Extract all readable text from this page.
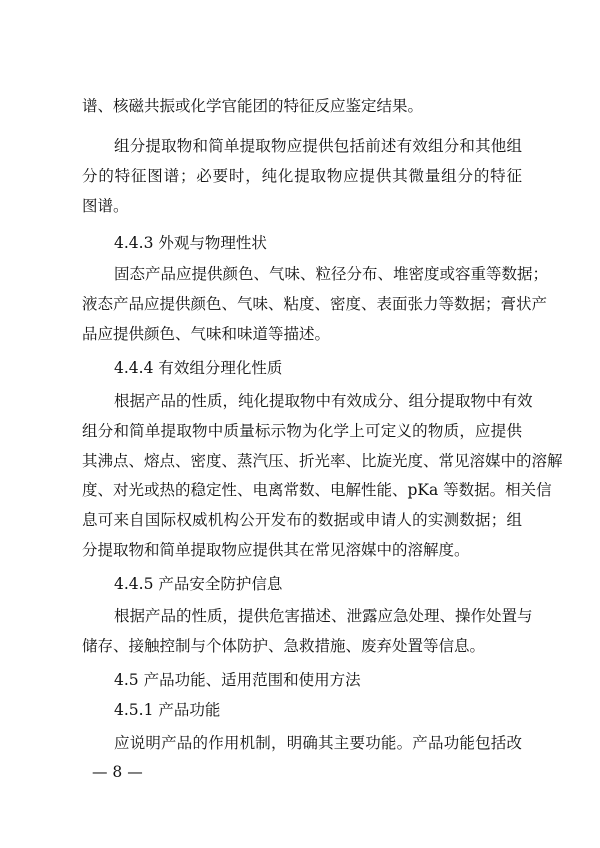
谱、核磁共振或化学官能团的特征反应鉴定结果。
组分提取物和简单提取物应提供包括前述有效组分和其他组
分的特征图谱；必要时，纯化提取物应提供其微量组分的特征
图谱。
4.4.3 外观与物理性状
固态产品应提供颜色、气味、粒径分布、堆密度或容重等数据；
液态产品应提供颜色、气味、粘度、密度、表面张力等数据；膏状产
品应提供颜色、气味和味道等描述。
4.4.4 有效组分理化性质
根据产品的性质，纯化提取物中有效成分、组分提取物中有效
组分和简单提取物中质量标示物为化学上可定义的物质，应提供
其沸点、熔点、密度、蒸汽压、折光率、比旋光度、常见溶媒中的溶解
度、对光或热的稳定性、电离常数、电解性能、pKa 等数据。相关信
息可来自国际权威机构公开发布的数据或申请人的实测数据；组
分提取物和简单提取物应提供其在常见溶媒中的溶解度。
4.4.5 产品安全防护信息
根据产品的性质，提供危害描述、泄露应急处理、操作处置与
储存、接触控制与个体防护、急救措施、废弃处置等信息。
4.5 产品功能、适用范围和使用方法
4.5.1 产品功能
应说明产品的作用机制，明确其主要功能。产品功能包括改
— 8 —
